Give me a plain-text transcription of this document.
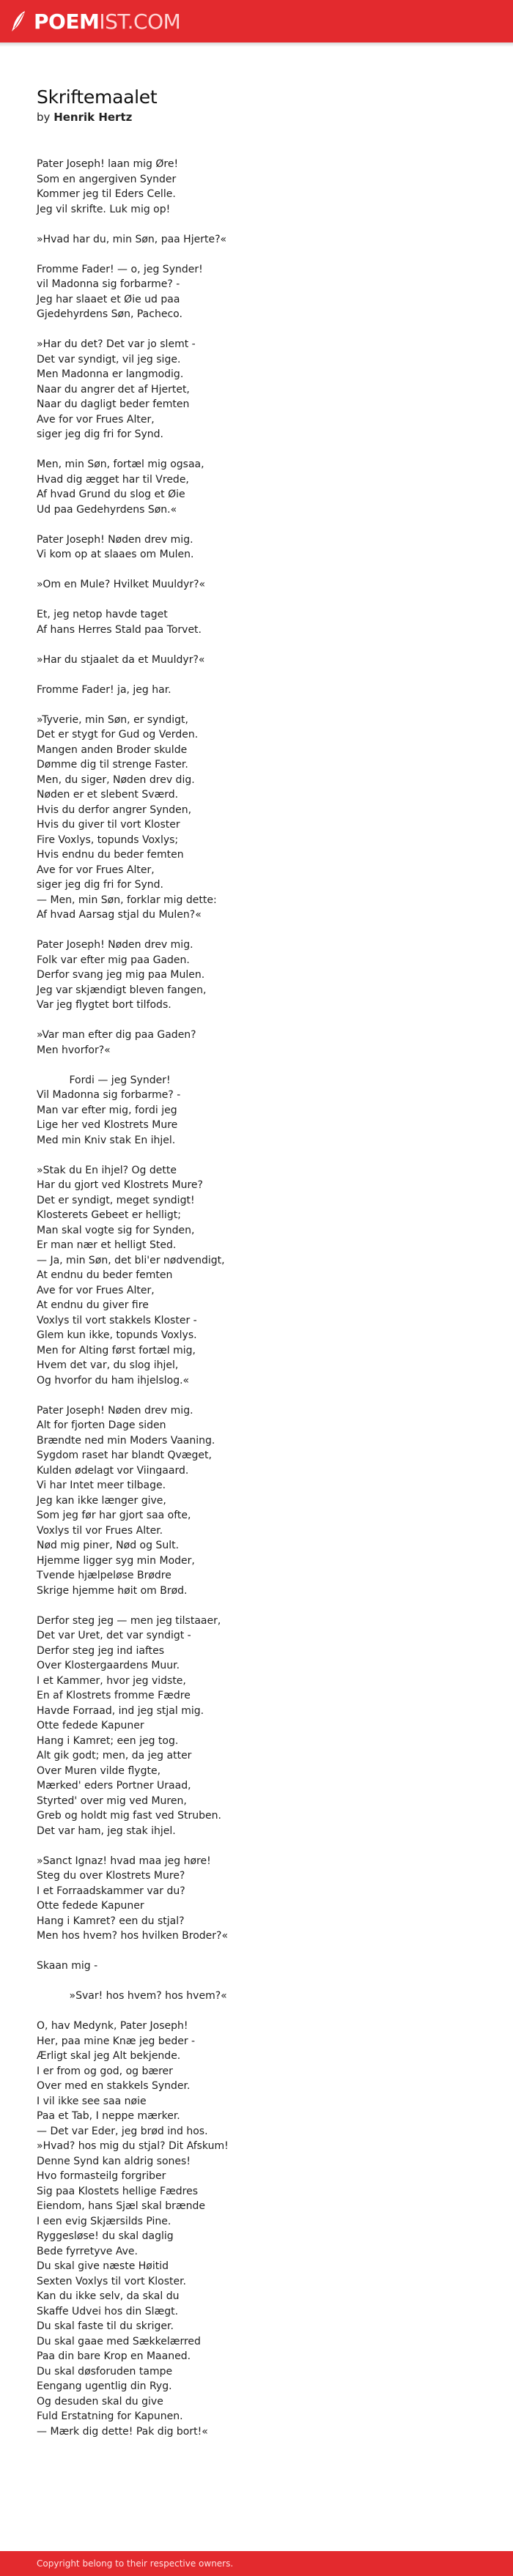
POEM IST.COM
Skriftemaalet
by Henrik Hertz
Pater Joseph! laan mig Øre!
Som en angergiven Synder
Kommer jeg til Eders Celle.
Jeg vil skrifte. Luk mig op!
»Hvad har du, min Søn, paa Hjerte?«
Fromme Fader! — o, jeg Synder!
vil Madonna sig forbarme? -
Jeg har slaaet et Øie ud paa
Gjedehyrdens Søn, Pacheco.
»Har du det? Det var jo slemt -
Det var syndigt, vil jeg sige.
Men Madonna er langmodig.
Naar du angrer det af Hjertet,
Naar du dagligt beder femten
Ave for vor Frues Alter,
siger jeg dig fri for Synd.
Men, min Søn, fortæl mig ogsaa,
Hvad dig ægget har til Vrede,
Af hvad Grund du slog et Øie
Ud paa Gedehyrdens Søn.«
Pater Joseph! Nøden drev mig.
Vi kom op at slaaes om Mulen.
»Om en Mule? Hvilket Muuldyr?«
Et, jeg netop havde taget
Af hans Herres Stald paa Torvet.
»Har du stjaalet da et Muuldyr?«
Fromme Fader! ja, jeg har.
»Tyverie, min Søn, er syndigt,
Det er stygt for Gud og Verden.
Mangen anden Broder skulde
Dømme dig til strenge Faster.
Men, du siger, Nøden drev dig.
Nøden er et slebent Sværd.
Hvis du derfor angrer Synden,
Hvis du giver til vort Kloster
Fire Voxlys, topunds Voxlys;
Hvis endnu du beder femten
Ave for vor Frues Alter,
siger jeg dig fri for Synd.
— Men, min Søn, forklar mig dette:
Af hvad Aarsag stjal du Mulen?«
Pater Joseph! Nøden drev mig.
Folk var efter mig paa Gaden.
Derfor svang jeg mig paa Mulen.
Jeg var skjændigt bleven fangen,
Var jeg flygtet bort tilfods.
»Var man efter dig paa Gaden?
Men hvorfor?«
Fordi — jeg Synder!
Vil Madonna sig forbarme? -
Man var efter mig, fordi jeg
Lige her ved Klostrets Mure
Med min Kniv stak En ihjel.
»Stak du En ihjel? Og dette
Har du gjort ved Klostrets Mure?
Det er syndigt, meget syndigt!
Klosterets Gebeet er helligt;
Man skal vogte sig for Synden,
Er man nær et helligt Sted.
— Ja, min Søn, det bli'er nødvendigt,
At endnu du beder femten
Ave for vor Frues Alter,
At endnu du giver fire
Voxlys til vort stakkels Kloster -
Glem kun ikke, topunds Voxlys.
Men for Alting først fortæl mig,
Hvem det var, du slog ihjel,
Og hvorfor du ham ihjelslog.«
Pater Joseph! Nøden drev mig.
Alt for fjorten Dage siden
Brændte ned min Moders Vaaning.
Sygdom raset har blandt Qvæget,
Kulden ødelagt vor Viingaard.
Vi har Intet meer tilbage.
Jeg kan ikke længer give,
Som jeg før har gjort saa ofte,
Voxlys til vor Frues Alter.
Nød mig piner, Nød og Sult.
Hjemme ligger syg min Moder,
Tvende hjælpeløse Brødre
Skrige hjemme høit om Brød.
Derfor steg jeg — men jeg tilstaaer,
Det var Uret, det var syndigt -
Derfor steg jeg ind iaftes
Over Klostergaardens Muur.
I et Kammer, hvor jeg vidste,
En af Klostrets fromme Fædre
Havde Forraad, ind jeg stjal mig.
Otte fedede Kapuner
Hang i Kamret; een jeg tog.
Alt gik godt; men, da jeg atter
Over Muren vilde flygte,
Mærked' eders Portner Uraad,
Styrted' over mig ved Muren,
Greb og holdt mig fast ved Struben.
Det var ham, jeg stak ihjel.
»Sanct Ignaz! hvad maa jeg høre!
Steg du over Klostrets Mure?
I et Forraadskammer var du?
Otte fedede Kapuner
Hang i Kamret? een du stjal?
Men hos hvem? hos hvilken Broder?«
Skaan mig -
»Svar! hos hvem? hos hvem?«
O, hav Medynk, Pater Joseph!
Her, paa mine Knæ jeg beder -
Ærligt skal jeg Alt bekjende.
I er from og god, og bærer
Over med en stakkels Synder.
I vil ikke see saa nøie
Paa et Tab, I neppe mærker.
— Det var Eder, jeg brød ind hos.
»Hvad? hos mig du stjal? Dit Afskum!
Denne Synd kan aldrig sones!
Hvo formasteilg forgriber
Sig paa Klostets hellige Fædres
Eiendom, hans Sjæl skal brænde
I een evig Skjærsilds Pine.
Ryggesløse! du skal daglig
Bede fyrretyve Ave.
Du skal give næste Høitid
Sexten Voxlys til vort Kloster.
Kan du ikke selv, da skal du
Skaffe Udvei hos din Slægt.
Du skal faste til du skriger.
Du skal gaae med Sækkelærred
Paa din bare Krop en Maaned.
Du skal døsforuden tampe
Eengang ugentlig din Ryg.
Og desuden skal du give
Fuld Erstatning for Kapunen.
— Mærk dig dette! Pak dig bort!«
Copyright belong to their respective owners.
